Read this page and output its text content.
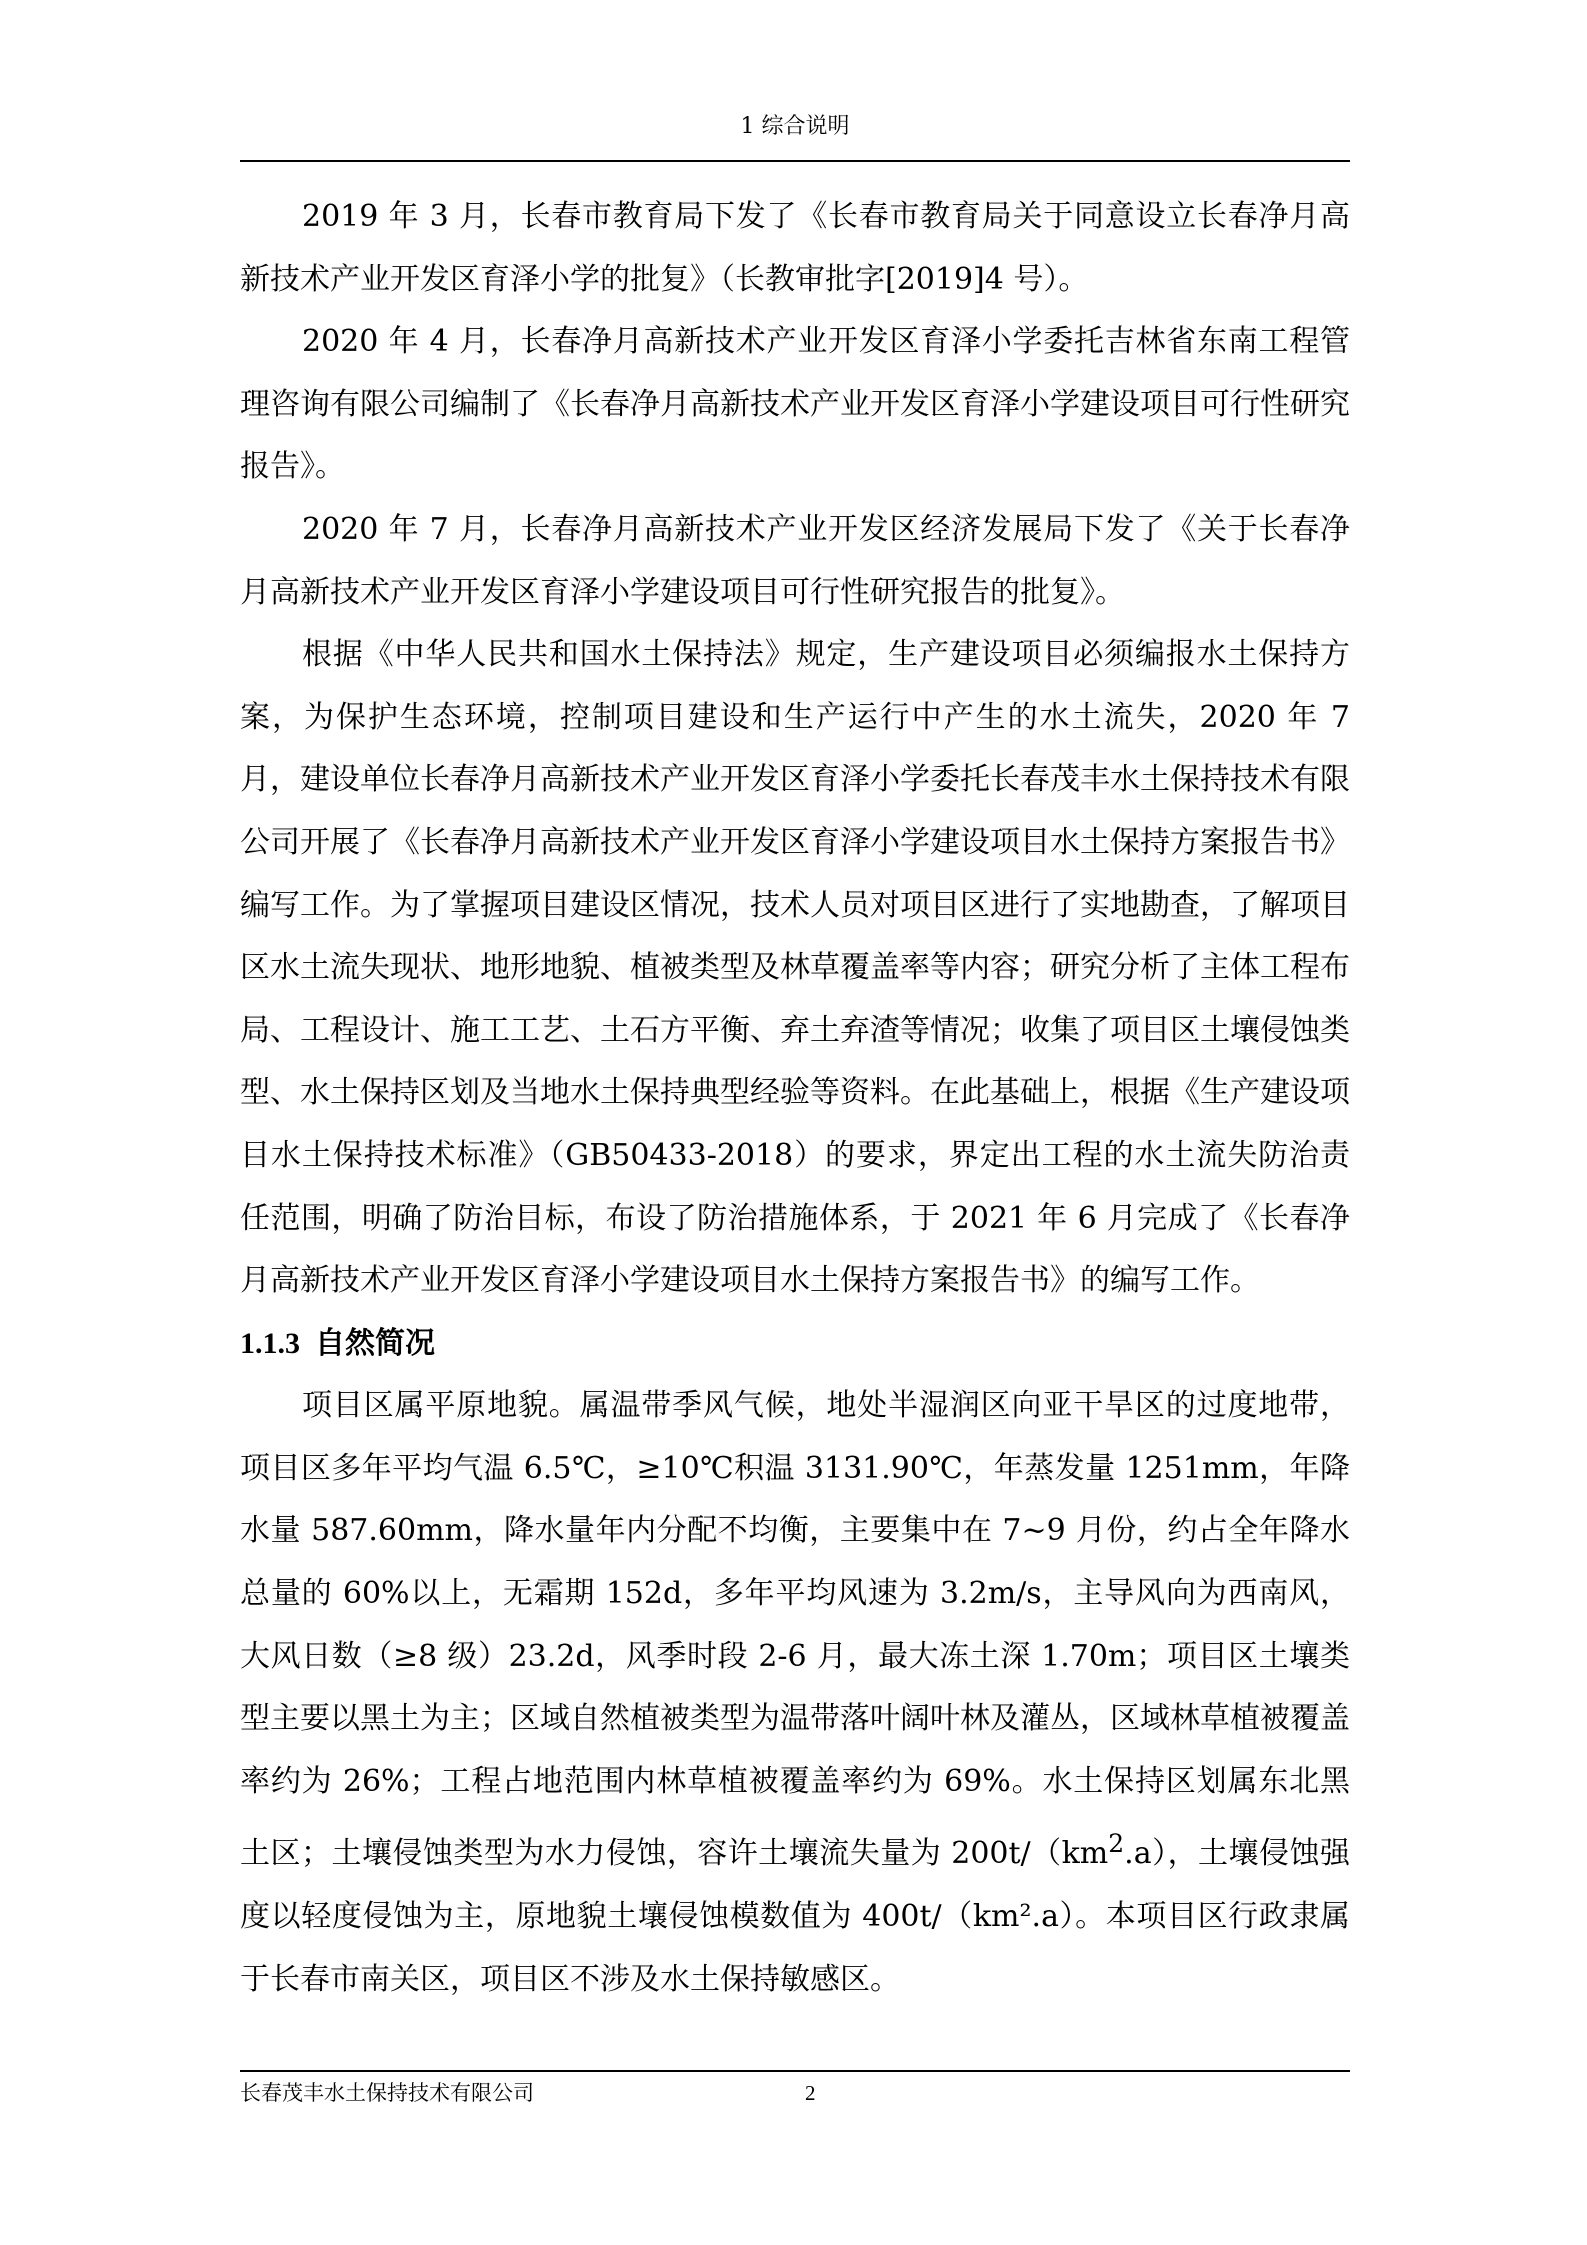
1 综合说明

2019 年 3 月，长春市教育局下发了《长春市教育局关于同意设立长春净月高新技术产业开发区育泽小学的批复》（长教审批字[2019]4 号）。

2020 年 4 月，长春净月高新技术产业开发区育泽小学委托吉林省东南工程管理咨询有限公司编制了《长春净月高新技术产业开发区育泽小学建设项目可行性研究报告》。

2020 年 7 月，长春净月高新技术产业开发区经济发展局下发了《关于长春净月高新技术产业开发区育泽小学建设项目可行性研究报告的批复》。

根据《中华人民共和国水土保持法》规定，生产建设项目必须编报水土保持方案，为保护生态环境，控制项目建设和生产运行中产生的水土流失，2020 年 7 月，建设单位长春净月高新技术产业开发区育泽小学委托长春茂丰水土保持技术有限公司开展了《长春净月高新技术产业开发区育泽小学建设项目水土保持方案报告书》编写工作。为了掌握项目建设区情况，技术人员对项目区进行了实地勘查，了解项目区水土流失现状、地形地貌、植被类型及林草覆盖率等内容；研究分析了主体工程布局、工程设计、施工工艺、土石方平衡、弃土弃渣等情况；收集了项目区土壤侵蚀类型、水土保持区划及当地水土保持典型经验等资料。在此基础上，根据《生产建设项目水土保持技术标准》（GB50433-2018）的要求，界定出工程的水土流失防治责任范围，明确了防治目标，布设了防治措施体系，于 2021 年 6 月完成了《长春净月高新技术产业开发区育泽小学建设项目水土保持方案报告书》的编写工作。

1.1.3 自然简况

项目区属平原地貌。属温带季风气候，地处半湿润区向亚干旱区的过度地带，项目区多年平均气温 6.5℃，≥10℃积温 3131.90℃，年蒸发量 1251mm，年降水量 587.60mm，降水量年内分配不均衡，主要集中在 7~9 月份，约占全年降水总量的 60%以上，无霜期 152d，多年平均风速为 3.2m/s，主导风向为西南风，大风日数（≥8 级）23.2d，风季时段 2-6 月，最大冻土深 1.70m；项目区土壤类型主要以黑土为主；区域自然植被类型为温带落叶阔叶林及灌丛，区域林草植被覆盖率约为 26%；工程占地范围内林草植被覆盖率约为 69%。水土保持区划属东北黑土区；土壤侵蚀类型为水力侵蚀，容许土壤流失量为 $200t/(km^2.a)$，土壤侵蚀强度以轻度侵蚀为主，原地貌土壤侵蚀模数值为 400t/（km².a）。本项目区行政隶属于长春市南关区，项目区不涉及水土保持敏感区。

长春茂丰水土保持技术有限公司	2
